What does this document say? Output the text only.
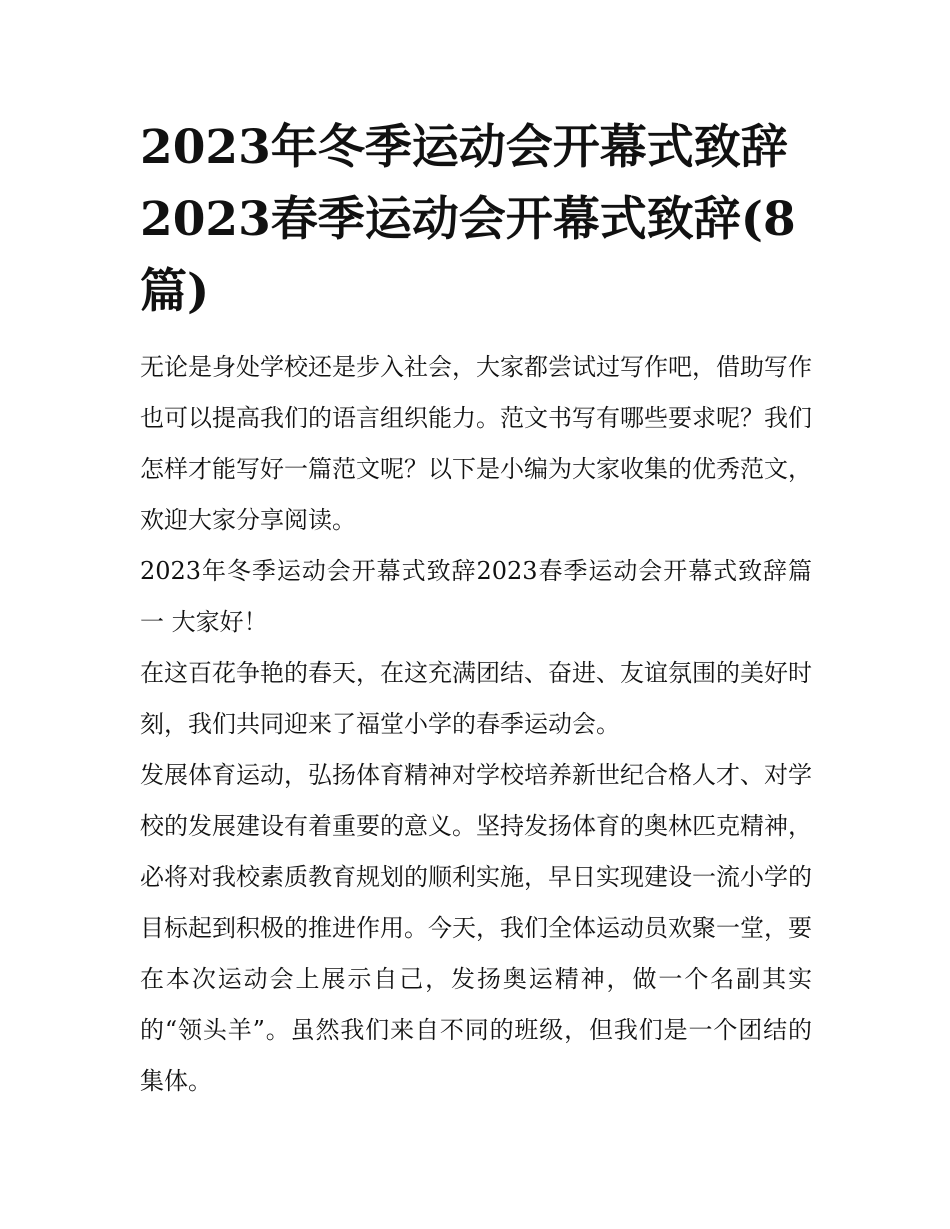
2023年冬季运动会开幕式致辞2023春季运动会开幕式致辞(8篇)

无论是身处学校还是步入社会，大家都尝试过写作吧，借助写作也可以提高我们的语言组织能力。范文书写有哪些要求呢？我们怎样才能写好一篇范文呢？以下是小编为大家收集的优秀范文，欢迎大家分享阅读。

2023年冬季运动会开幕式致辞2023春季运动会开幕式致辞篇一 大家好！

在这百花争艳的春天，在这充满团结、奋进、友谊氛围的美好时刻，我们共同迎来了福堂小学的春季运动会。

发展体育运动，弘扬体育精神对学校培养新世纪合格人才、对学校的发展建设有着重要的意义。坚持发扬体育的奥林匹克精神，必将对我校素质教育规划的顺利实施，早日实现建设一流小学的目标起到积极的推进作用。今天，我们全体运动员欢聚一堂，要在本次运动会上展示自己，发扬奥运精神，做一个名副其实的“领头羊”。虽然我们来自不同的班级，但我们是一个团结的集体。
